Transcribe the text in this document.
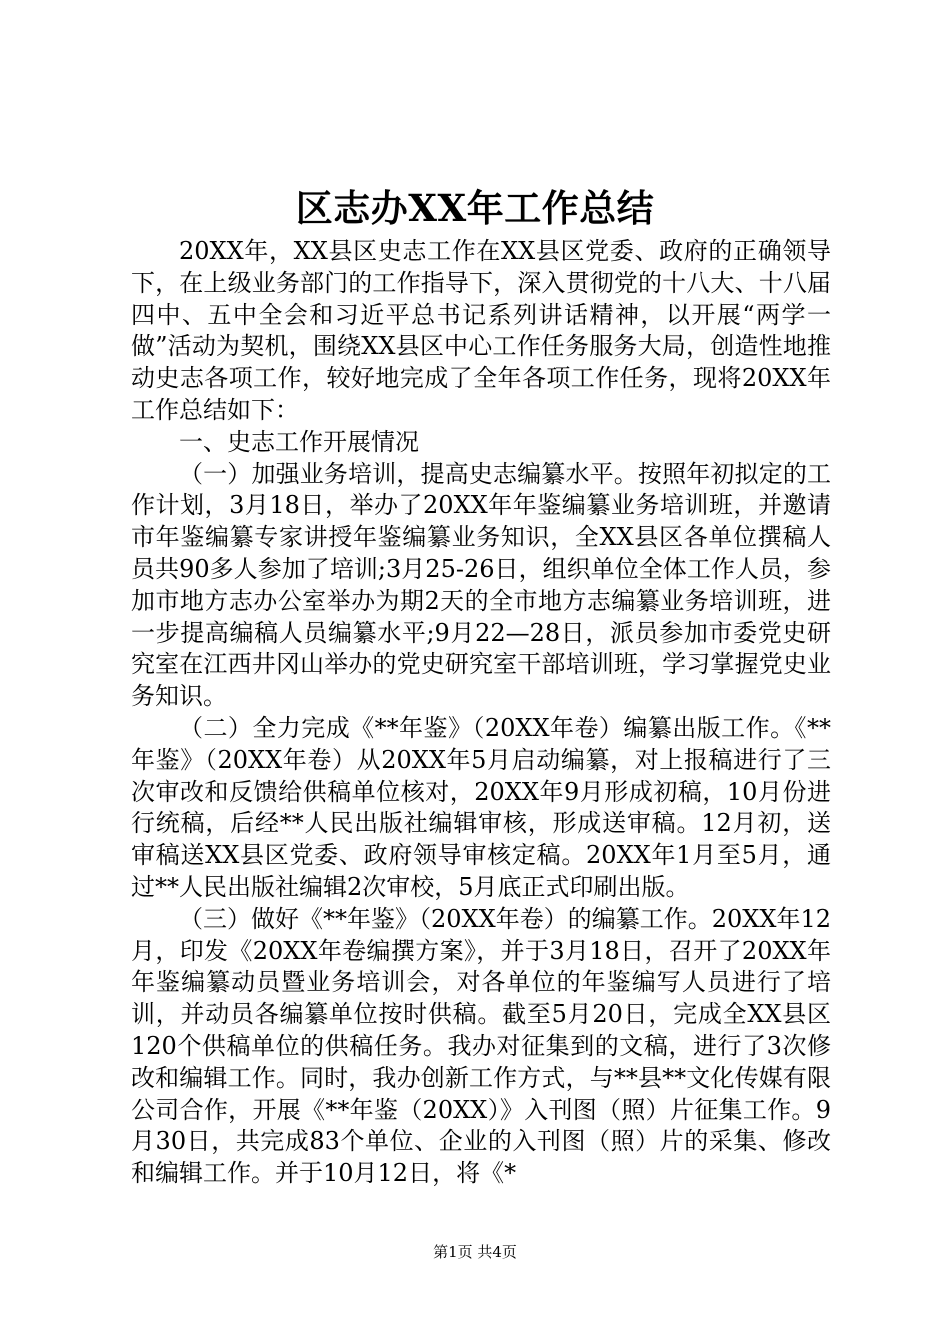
区志办XX年工作总结

20XX年，XX县区史志工作在XX县区党委、政府的正确领导下，在上级业务部门的工作指导下，深入贯彻党的十八大、十八届四中、五中全会和习近平总书记系列讲话精神，以开展“两学一做”活动为契机，围绕XX县区中心工作任务服务大局，创造性地推动史志各项工作，较好地完成了全年各项工作任务，现将20XX年工作总结如下：

一、史志工作开展情况

（一）加强业务培训，提高史志编纂水平。按照年初拟定的工作计划，3月18日，举办了20XX年年鉴编纂业务培训班，并邀请市年鉴编纂专家讲授年鉴编纂业务知识，全XX县区各单位撰稿人员共90多人参加了培训;3月25-26日，组织单位全体工作人员，参加市地方志办公室举办为期2天的全市地方志编纂业务培训班，进一步提高编稿人员编纂水平;9月22—28日，派员参加市委党史研究室在江西井冈山举办的党史研究室干部培训班，学习掌握党史业务知识。

（二）全力完成《**年鉴》（20XX年卷）编纂出版工作。《**年鉴》（20XX年卷）从20XX年5月启动编纂，对上报稿进行了三次审改和反馈给供稿单位核对，20XX年9月形成初稿，10月份进行统稿，后经**人民出版社编辑审核，形成送审稿。12月初，送审稿送XX县区党委、政府领导审核定稿。20XX年1月至5月，通过**人民出版社编辑2次审校，5月底正式印刷出版。

（三）做好《**年鉴》（20XX年卷）的编纂工作。20XX年12月，印发《20XX年卷编撰方案》，并于3月18日，召开了20XX年年鉴编纂动员暨业务培训会，对各单位的年鉴编写人员进行了培训，并动员各编纂单位按时供稿。截至5月20日，完成全XX县区120个供稿单位的供稿任务。我办对征集到的文稿，进行了3次修改和编辑工作。同时，我办创新工作方式，与**县**文化传媒有限公司合作，开展《**年鉴（20XX）》入刊图（照）片征集工作。9月30日，共完成83个单位、企业的入刊图（照）片的采集、修改和编辑工作。并于10月12日，将《*

第1页 共4页
